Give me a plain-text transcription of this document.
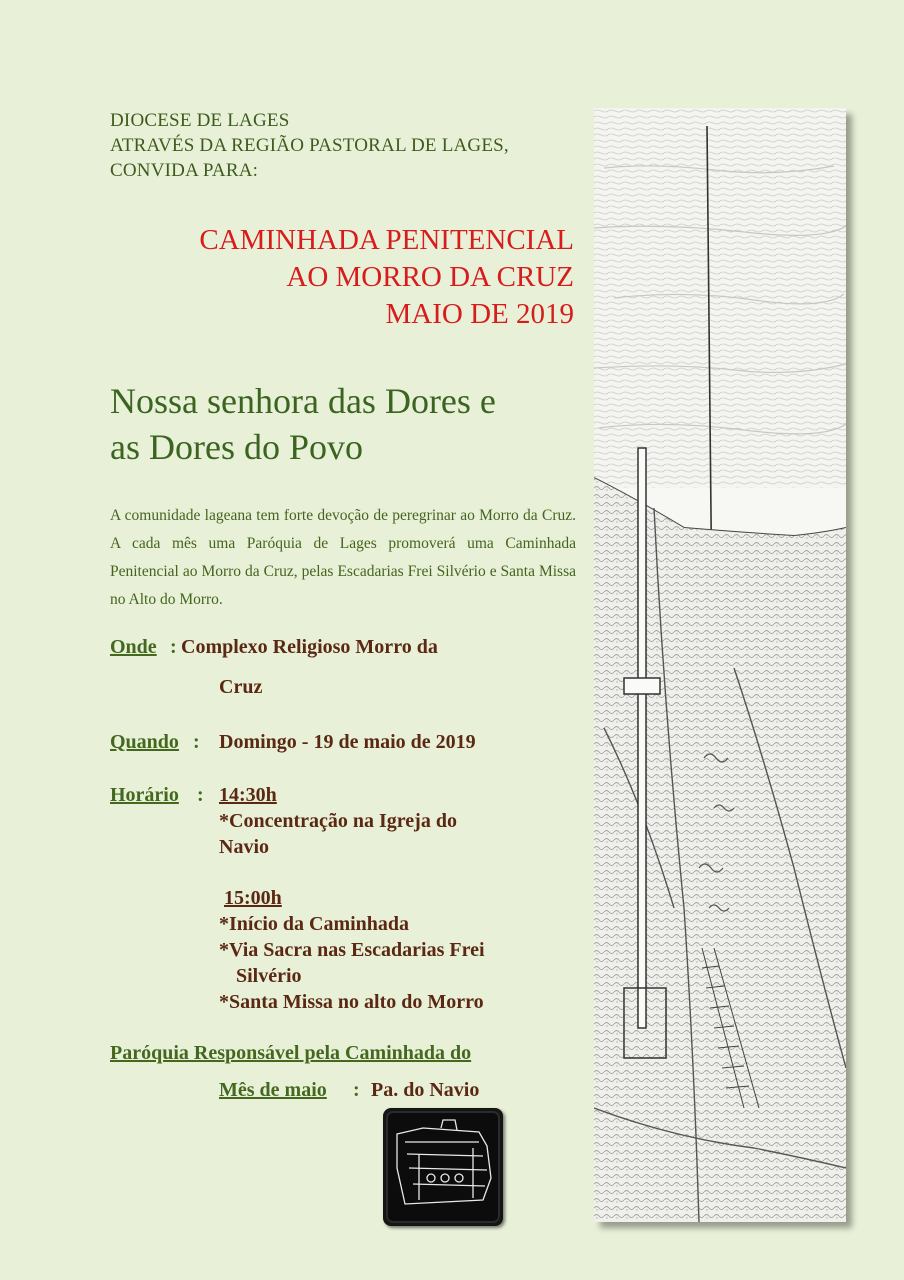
DIOCESE DE LAGES
ATRAVÉS DA REGIÃO PASTORAL DE LAGES,
CONVIDA PARA:
CAMINHADA PENITENCIAL
AO MORRO DA CRUZ
MAIO DE 2019
Nossa senhora das Dores e
as Dores do Povo
A comunidade lageana tem forte devoção de peregrinar ao Morro da Cruz. A cada mês uma Paróquia de Lages promoverá uma Caminhada Penitencial ao Morro da Cruz, pelas Escadarias Frei Silvério e Santa Missa no Alto do Morro.
Onde : Complexo Religioso Morro da
Cruz
Quando : Domingo - 19 de maio de 2019
Horário : 14:30h
*Concentração na Igreja do
Navio
15:00h
*Início da Caminhada
*Via Sacra nas Escadarias Frei
Silvério
*Santa Missa no alto do Morro
Paróquia Responsável pela Caminhada do
Mês de maio : Pa. do Navio
